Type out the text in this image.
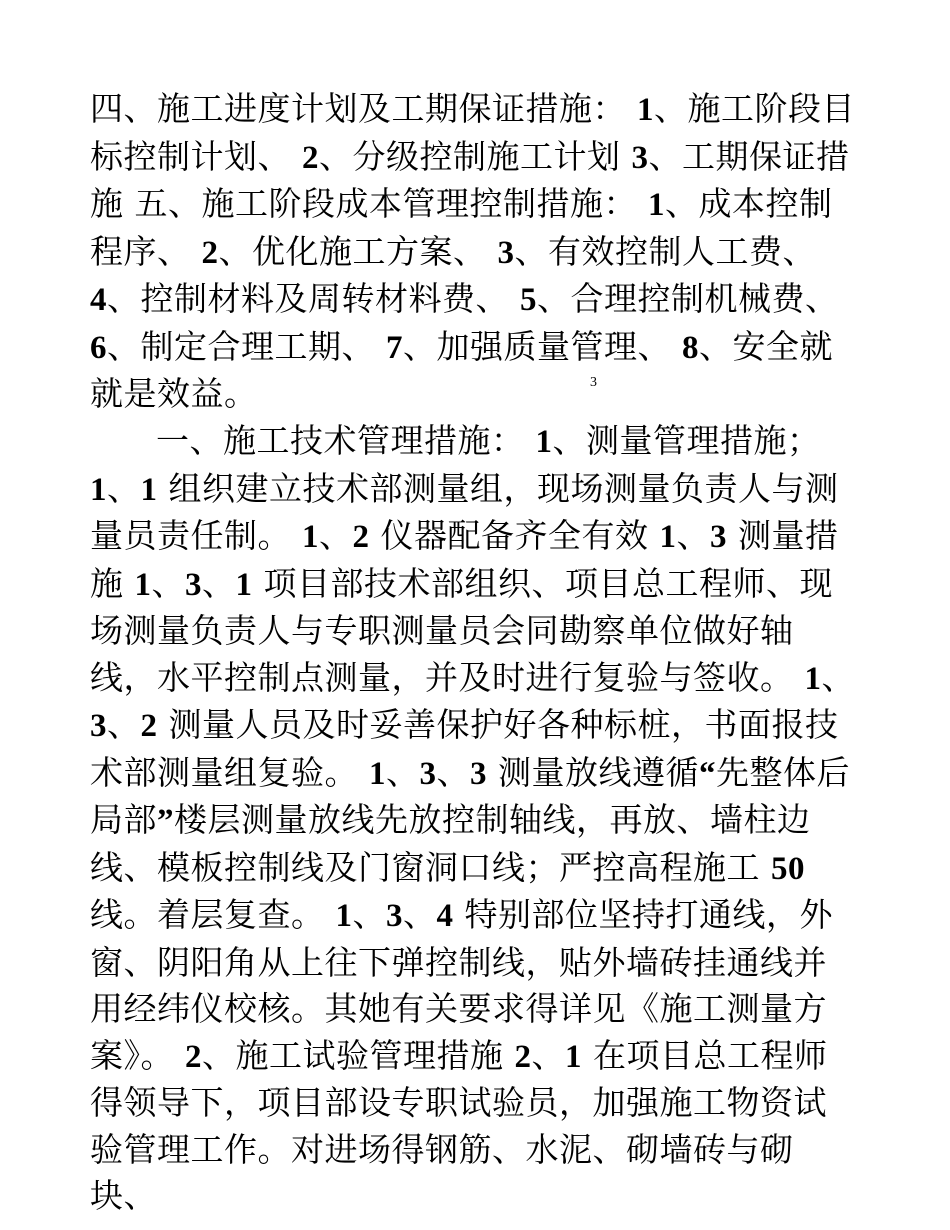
四、施工进度计划及工期保证措施： 1、施工阶段目标控制计划、 2、分级控制施工计划 3、工期保证措施 五、施工阶段成本管理控制措施： 1、成本控制程序、 2、优化施工方案、 3、有效控制人工费、4、控制材料及周转材料费、 5、合理控制机械费、6、制定合理工期、 7、加强质量管理、 8、安全就就是效益。	3

一、施工技术管理措施： 1、测量管理措施； 1、1 组织建立技术部测量组，现场测量负责人与测量员责任制。 1、2 仪器配备齐全有效 1、3 测量措施 1、3、1 项目部技术部组织、项目总工程师、现场测量负责人与专职测量员会同勘察单位做好轴线，水平控制点测量，并及时进行复验与签收。 1、3、2 测量人员及时妥善保护好各种标桩，书面报技术部测量组复验。 1、3、3 测量放线遵循“先整体后局部”楼层测量放线先放控制轴线，再放、墙柱边线、模板控制线及门窗洞口线；严控高程施工 50线。着层复查。 1、3、4 特别部位坚持打通线，外窗、阴阳角从上往下弹控制线，贴外墙砖挂通线并用经纬仪校核。其她有关要求得详见《施工测量方案》。 2、施工试验管理措施 2、1 在项目总工程师得领导下，项目部设专职试验员，加强施工物资试验管理工作。对进场得钢筋、水泥、砌墙砖与砌块、
